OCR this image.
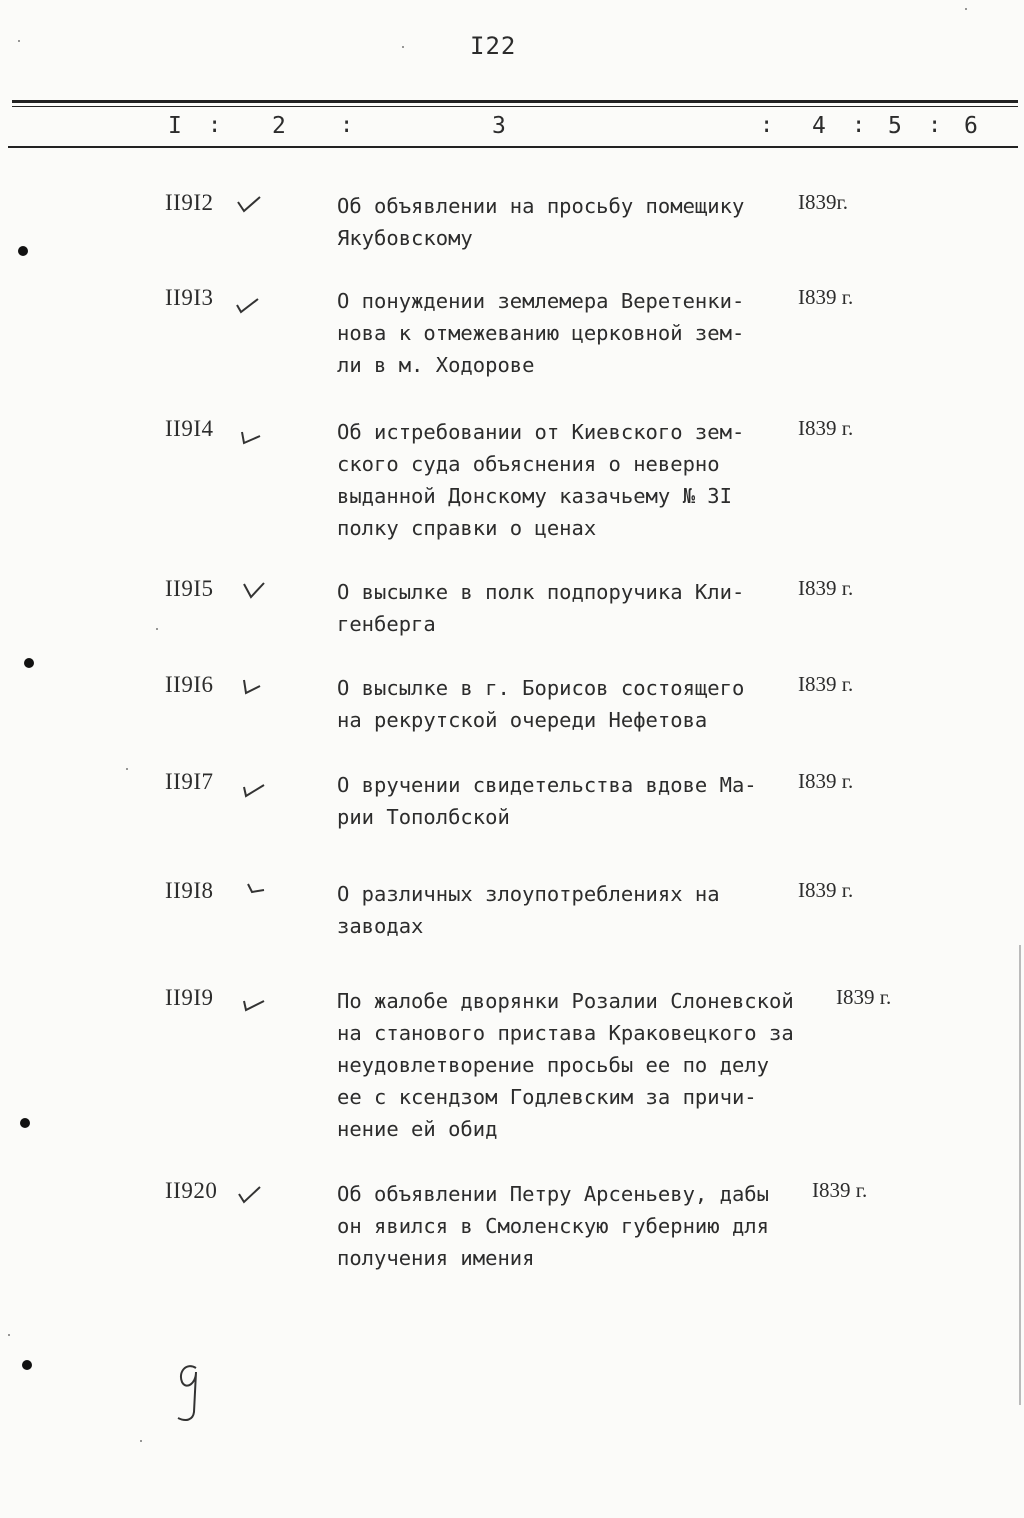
I22
I : 2 :	3	: 4 : 5 : 6
II9I2	Об объявлении на просьбу помещику
Якубовскому
I839г.
II9I3	О понуждении землемера Веретенки-
нова к отмежеванию церковной зем-
ли в м. Ходорове
I839 г.
II9I4	Об истребовании от Киевского зем-
ского суда объяснения о неверно
выданной Донскому казачьему № 3I
полку справки о ценах
I839 г.
II9I5	О высылке в полк подпоручика Кли-
генберга
I839 г.
II9I6	О высылке в г. Борисов состоящего
на рекрутской очереди Нефетова
I839 г.
II9I7	О вручении свидетельства вдове Ма-
рии Тополбской
I839 г.
II9I8	О различных злоупотреблениях на
заводах
I839 г.
II9I9	По жалобе дворянки Розалии Слоневской
на станового пристава Краковецкого за
неудовлетворение просьбы ее по делу
ее с ксендзом Годлевским за причи-
нение ей обид
I839 г.
II920	Об объявлении Петру Арсеньеву, дабы
он явился в Смоленскую губернию для
получения имения
I839 г.
